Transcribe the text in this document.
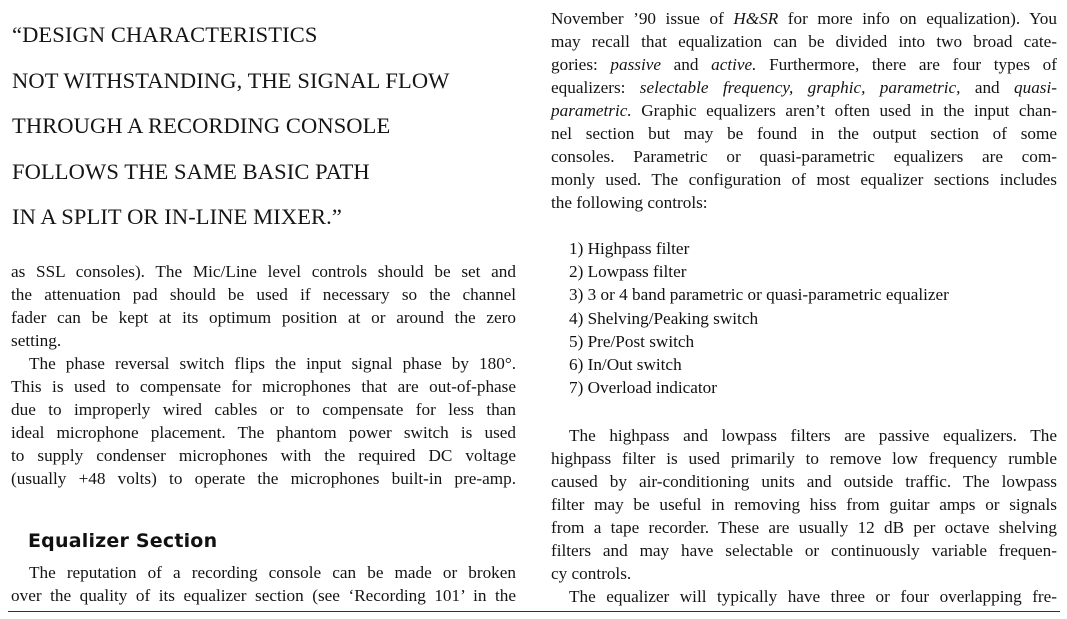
“DESIGN CHARACTERISTICS
NOT WITHSTANDING, THE SIGNAL FLOW
THROUGH A RECORDING CONSOLE
FOLLOWS THE SAME BASIC PATH
IN A SPLIT OR IN-LINE MIXER.”

as SSL consoles). The Mic/Line level controls should be set and
the attenuation pad should be used if necessary so the channel
fader can be kept at its optimum position at or around the zero
setting.

The phase reversal switch flips the input signal phase by 180°.
This is used to compensate for microphones that are out-of-phase
due to improperly wired cables or to compensate for less than
ideal microphone placement. The phantom power switch is used
to supply condenser microphones with the required DC voltage
(usually +48 volts) to operate the microphones built-in pre-amp.

Equalizer Section

The reputation of a recording console can be made or broken
over the quality of its equalizer section (see ‘Recording 101’ in the

November ’90 issue of H&SR for more info on equalization). You
may recall that equalization can be divided into two broad cate-
gories: passive and active. Furthermore, there are four types of
equalizers: selectable frequency, graphic, parametric, and quasi-
parametric. Graphic equalizers aren’t often used in the input chan-
nel section but may be found in the output section of some
consoles. Parametric or quasi-parametric equalizers are com-
monly used. The configuration of most equalizer sections includes
the following controls:

1) Highpass filter
2) Lowpass filter
3) 3 or 4 band parametric or quasi-parametric equalizer
4) Shelving/Peaking switch
5) Pre/Post switch
6) In/Out switch
7) Overload indicator

The highpass and lowpass filters are passive equalizers. The
highpass filter is used primarily to remove low frequency rumble
caused by air-conditioning units and outside traffic. The lowpass
filter may be useful in removing hiss from guitar amps or signals
from a tape recorder. These are usually 12 dB per octave shelving
filters and may have selectable or continuously variable frequen-
cy controls.

The equalizer will typically have three or four overlapping fre-
